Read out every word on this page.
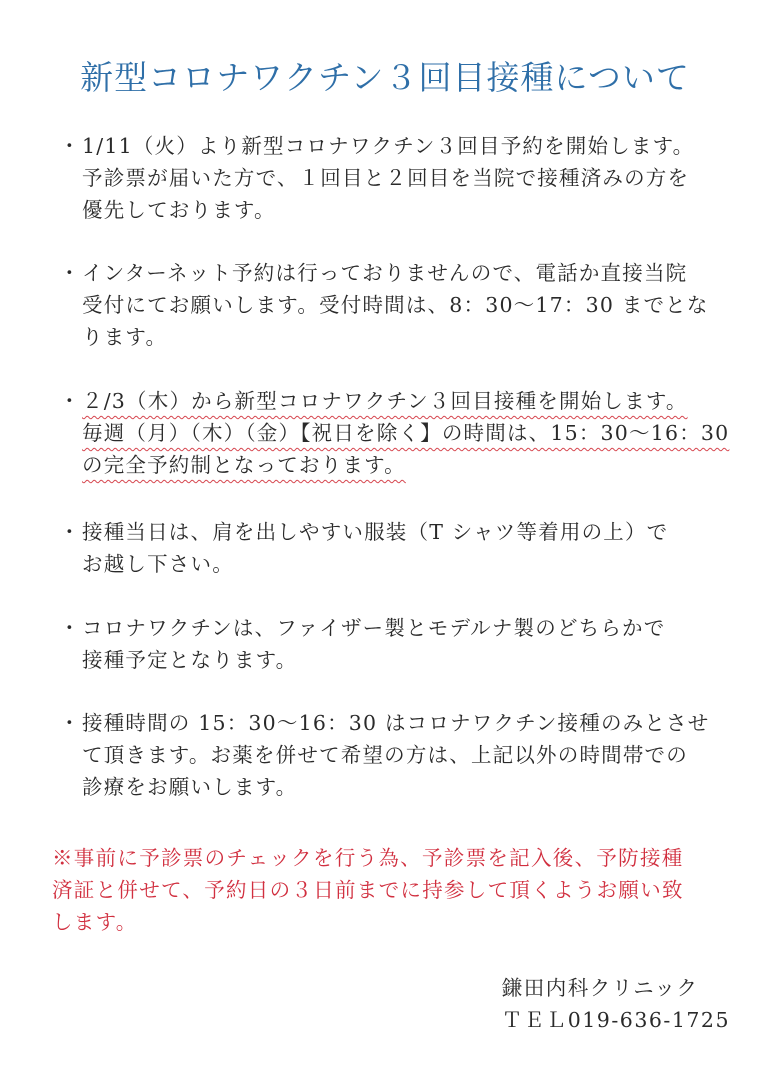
新型コロナワクチン３回目接種について
・ 1/11（火）より新型コロナワクチン３回目予約を開始します。
予診票が届いた方で、１回目と２回目を当院で接種済みの方を
優先しております。
・ インターネット予約は行っておりませんので、電話か直接当院
受付にてお願いします。受付時間は、8：30～17：30 までとな
ります。
・ ２/3（木）から新型コロナワクチン３回目接種を開始します。
毎週（月）（木）（金）【祝日を除く】の時間は、15：30～16：30
の完全予約制となっております。
・ 接種当日は、肩を出しやすい服装（T シャツ等着用の上）で
お越し下さい。
・ コロナワクチンは、ファイザー製とモデルナ製のどちらかで
接種予定となります。
・ 接種時間の 15：30～16：30 はコロナワクチン接種のみとさせ
て頂きます。お薬を併せて希望の方は、上記以外の時間帯での
診療をお願いします。
※事前に予診票のチェックを行う為、予診票を記入後、予防接種
済証と併せて、予約日の３日前までに持参して頂くようお願い致
します。
鎌田内科クリニック
ＴＥＬ019-636-1725
